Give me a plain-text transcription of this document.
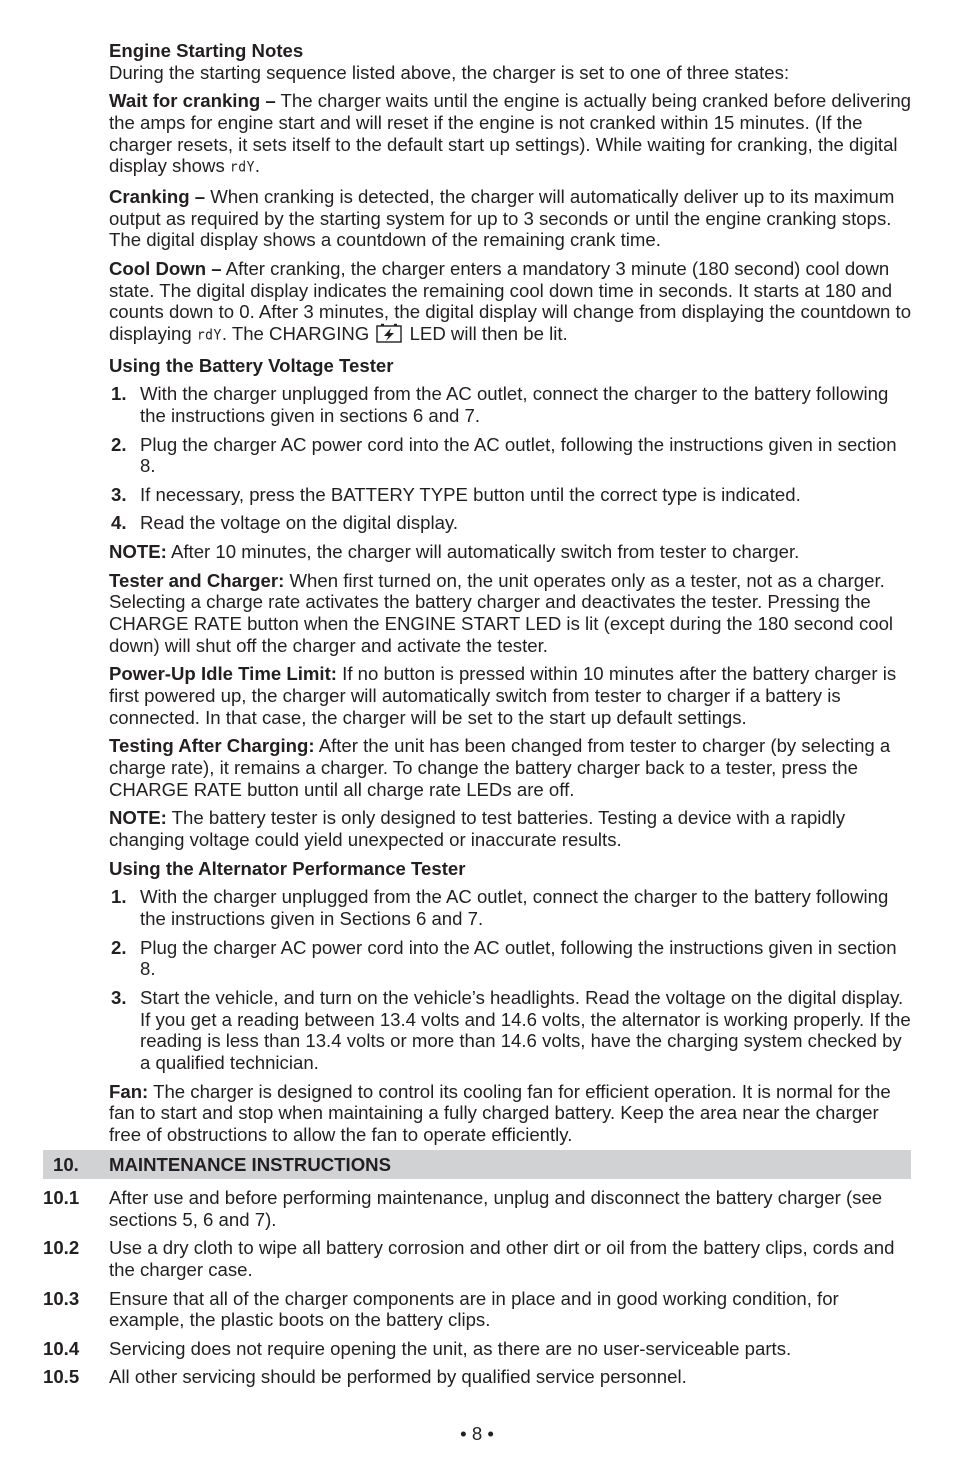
Engine Starting Notes

During the starting sequence listed above, the charger is set to one of three states:

Wait for cranking – The charger waits until the engine is actually being cranked before delivering the amps for engine start and will reset if the engine is not cranked within 15 minutes. (If the charger resets, it sets itself to the default start up settings). While waiting for cranking, the digital display shows rdY.

Cranking – When cranking is detected, the charger will automatically deliver up to its maximum output as required by the starting system for up to 3 seconds or until the engine cranking stops. The digital display shows a countdown of the remaining crank time.

Cool Down – After cranking, the charger enters a mandatory 3 minute (180 second) cool down state. The digital display indicates the remaining cool down time in seconds. It starts at 180 and counts down to 0. After 3 minutes, the digital display will change from displaying the countdown to displaying rdY. The CHARGING  LED will then be lit.

Using the Battery Voltage Tester

1. With the charger unplugged from the AC outlet, connect the charger to the battery following the instructions given in sections 6 and 7.
2. Plug the charger AC power cord into the AC outlet, following the instructions given in section 8.
3. If necessary, press the BATTERY TYPE button until the correct type is indicated.
4. Read the voltage on the digital display.

NOTE: After 10 minutes, the charger will automatically switch from tester to charger.

Tester and Charger: When first turned on, the unit operates only as a tester, not as a charger. Selecting a charge rate activates the battery charger and deactivates the tester. Pressing the CHARGE RATE button when the ENGINE START LED is lit (except during the 180 second cool down) will shut off the charger and activate the tester.

Power-Up Idle Time Limit: If no button is pressed within 10 minutes after the battery charger is first powered up, the charger will automatically switch from tester to charger if a battery is connected. In that case, the charger will be set to the start up default settings.

Testing After Charging: After the unit has been changed from tester to charger (by selecting a charge rate), it remains a charger. To change the battery charger back to a tester, press the CHARGE RATE button until all charge rate LEDs are off.

NOTE: The battery tester is only designed to test batteries. Testing a device with a rapidly changing voltage could yield unexpected or inaccurate results.

Using the Alternator Performance Tester

1. With the charger unplugged from the AC outlet, connect the charger to the battery following the instructions given in Sections 6 and 7.
2. Plug the charger AC power cord into the AC outlet, following the instructions given in section 8.
3. Start the vehicle, and turn on the vehicle’s headlights. Read the voltage on the digital display. If you get a reading between 13.4 volts and 14.6 volts, the alternator is working properly. If the reading is less than 13.4 volts or more than 14.6 volts, have the charging system checked by a qualified technician.

Fan: The charger is designed to control its cooling fan for efficient operation. It is normal for the fan to start and stop when maintaining a fully charged battery. Keep the area near the charger free of obstructions to allow the fan to operate efficiently.

10. MAINTENANCE INSTRUCTIONS
10.1 After use and before performing maintenance, unplug and disconnect the battery charger (see sections 5, 6 and 7).
10.2 Use a dry cloth to wipe all battery corrosion and other dirt or oil from the battery clips, cords and the charger case.
10.3 Ensure that all of the charger components are in place and in good working condition, for example, the plastic boots on the battery clips.
10.4 Servicing does not require opening the unit, as there are no user-serviceable parts.
10.5 All other servicing should be performed by qualified service personnel.
• 8 •
